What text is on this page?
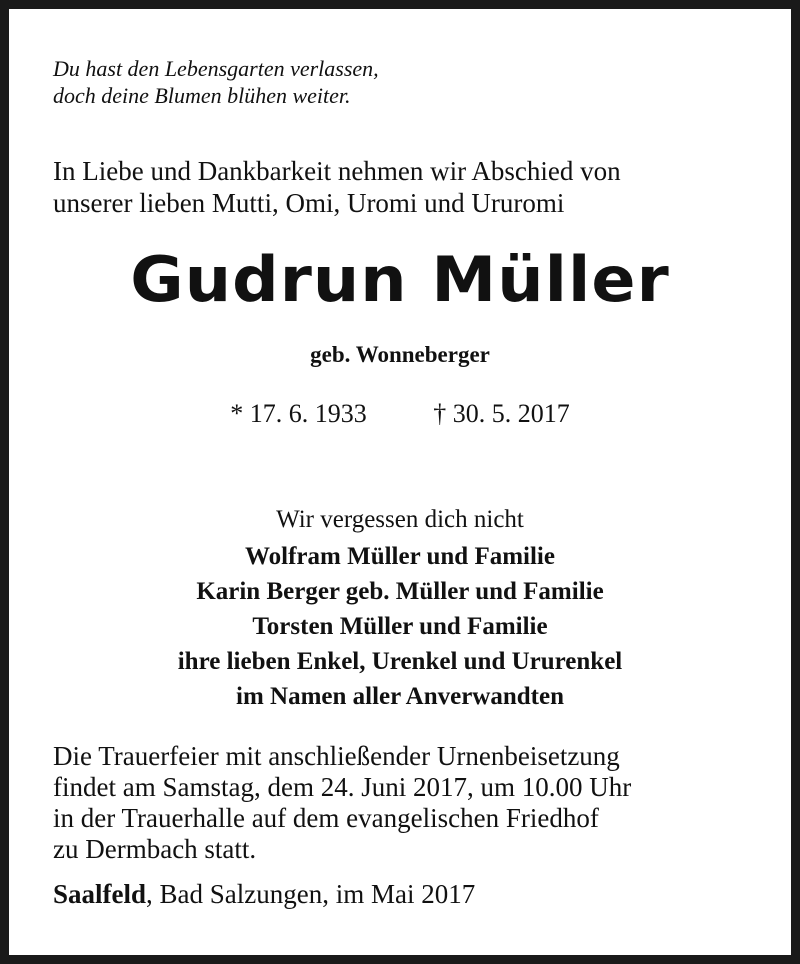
Du hast den Lebensgarten verlassen,
doch deine Blumen blühen weiter.

In Liebe und Dankbarkeit nehmen wir Abschied von
unserer lieben Mutti, Omi, Uromi und Ururomi

Gudrun Müller

geb. Wonneberger

* 17. 6. 1933	† 30. 5. 2017

Wir vergessen dich nicht
Wolfram Müller und Familie
Karin Berger geb. Müller und Familie
Torsten Müller und Familie
ihre lieben Enkel, Urenkel und Ururenkel
im Namen aller Anverwandten

Die Trauerfeier mit anschließender Urnenbeisetzung
findet am Samstag, dem 24. Juni 2017, um 10.00 Uhr
in der Trauerhalle auf dem evangelischen Friedhof
zu Dermbach statt.

Saalfeld, Bad Salzungen, im Mai 2017
